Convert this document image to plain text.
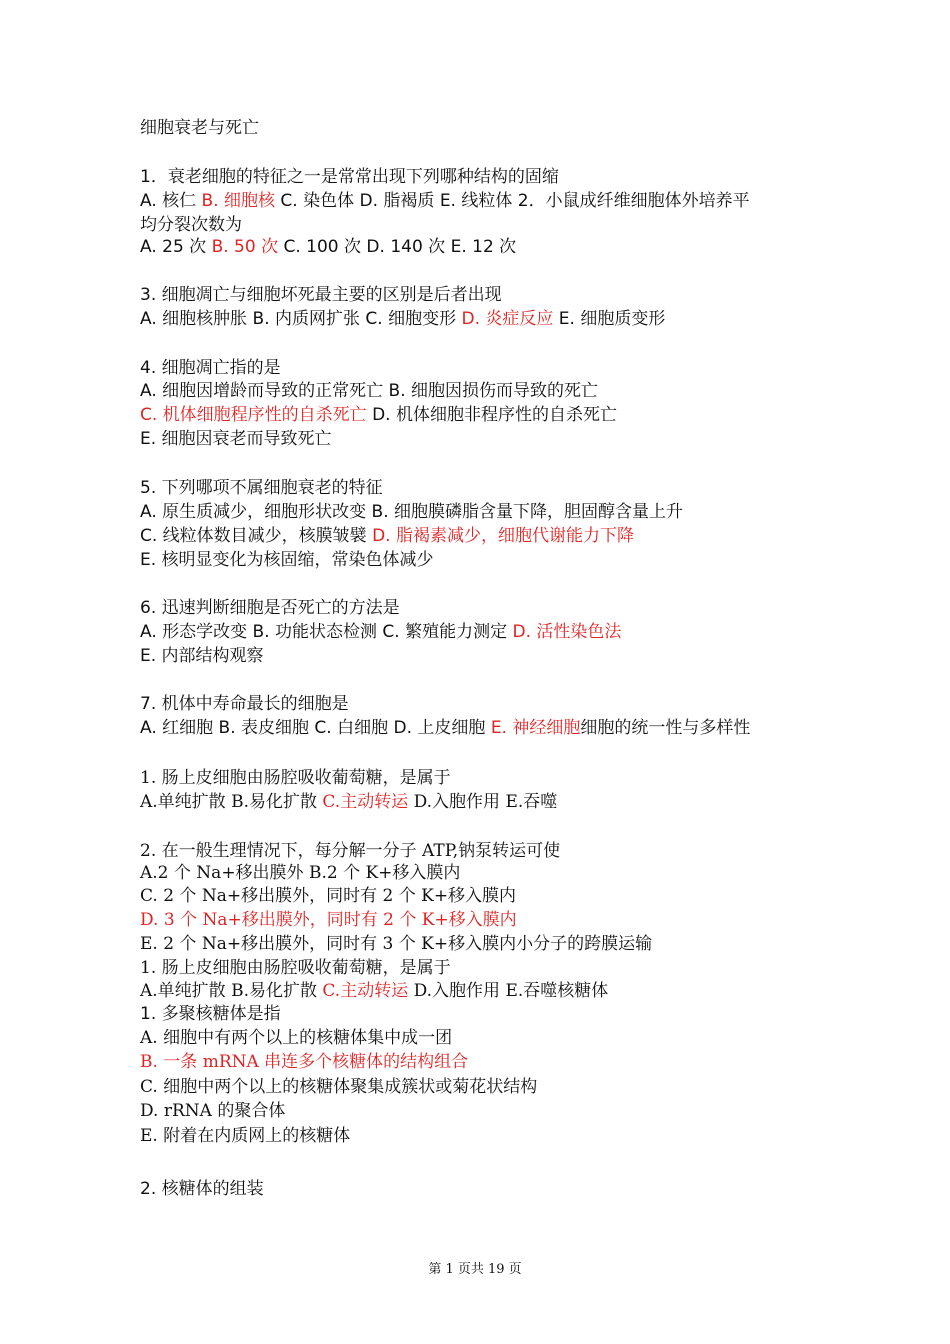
细胞衰老与死亡
1．衰老细胞的特征之一是常常出现下列哪种结构的固缩
A. 核仁 B. 细胞核 C. 染色体 D. 脂褐质 E. 线粒体 2．小鼠成纤维细胞体外培养平
均分裂次数为
A. 25 次 B. 50 次 C. 100 次 D. 140 次 E. 12 次
3. 细胞凋亡与细胞坏死最主要的区别是后者出现
A. 细胞核肿胀 B. 内质网扩张 C. 细胞变形 D. 炎症反应 E. 细胞质变形
4. 细胞凋亡指的是
A. 细胞因增龄而导致的正常死亡 B. 细胞因损伤而导致的死亡
C. 机体细胞程序性的自杀死亡 D. 机体细胞非程序性的自杀死亡
E. 细胞因衰老而导致死亡
5. 下列哪项不属细胞衰老的特征
A. 原生质减少，细胞形状改变 B. 细胞膜磷脂含量下降，胆固醇含量上升
C. 线粒体数目减少，核膜皱襞 D. 脂褐素减少，细胞代谢能力下降
E. 核明显变化为核固缩，常染色体减少
6. 迅速判断细胞是否死亡的方法是
A. 形态学改变 B. 功能状态检测 C. 繁殖能力测定 D. 活性染色法
E. 内部结构观察
7. 机体中寿命最长的细胞是
A. 红细胞 B. 表皮细胞 C. 白细胞 D. 上皮细胞 E. 神经细胞细胞的统一性与多样性
1. 肠上皮细胞由肠腔吸收葡萄糖，是属于
A.单纯扩散 B.易化扩散 C.主动转运 D.入胞作用 E.吞噬
2. 在一般生理情况下，每分解一分子 ATP,钠泵转运可使
A.2 个 Na+移出膜外 B.2 个 K+移入膜内
C. 2 个 Na+移出膜外，同时有 2 个 K+移入膜内
D. 3 个 Na+移出膜外，同时有 2 个 K+移入膜内
E. 2 个 Na+移出膜外，同时有 3 个 K+移入膜内小分子的跨膜运输
1. 肠上皮细胞由肠腔吸收葡萄糖，是属于
A.单纯扩散 B.易化扩散 C.主动转运 D.入胞作用 E.吞噬核糖体
1. 多聚核糖体是指
A. 细胞中有两个以上的核糖体集中成一团
B. 一条 mRNA 串连多个核糖体的结构组合
C. 细胞中两个以上的核糖体聚集成簇状或菊花状结构
D. rRNA 的聚合体
E. 附着在内质网上的核糖体
2. 核糖体的组装
第 1 页共 19 页
